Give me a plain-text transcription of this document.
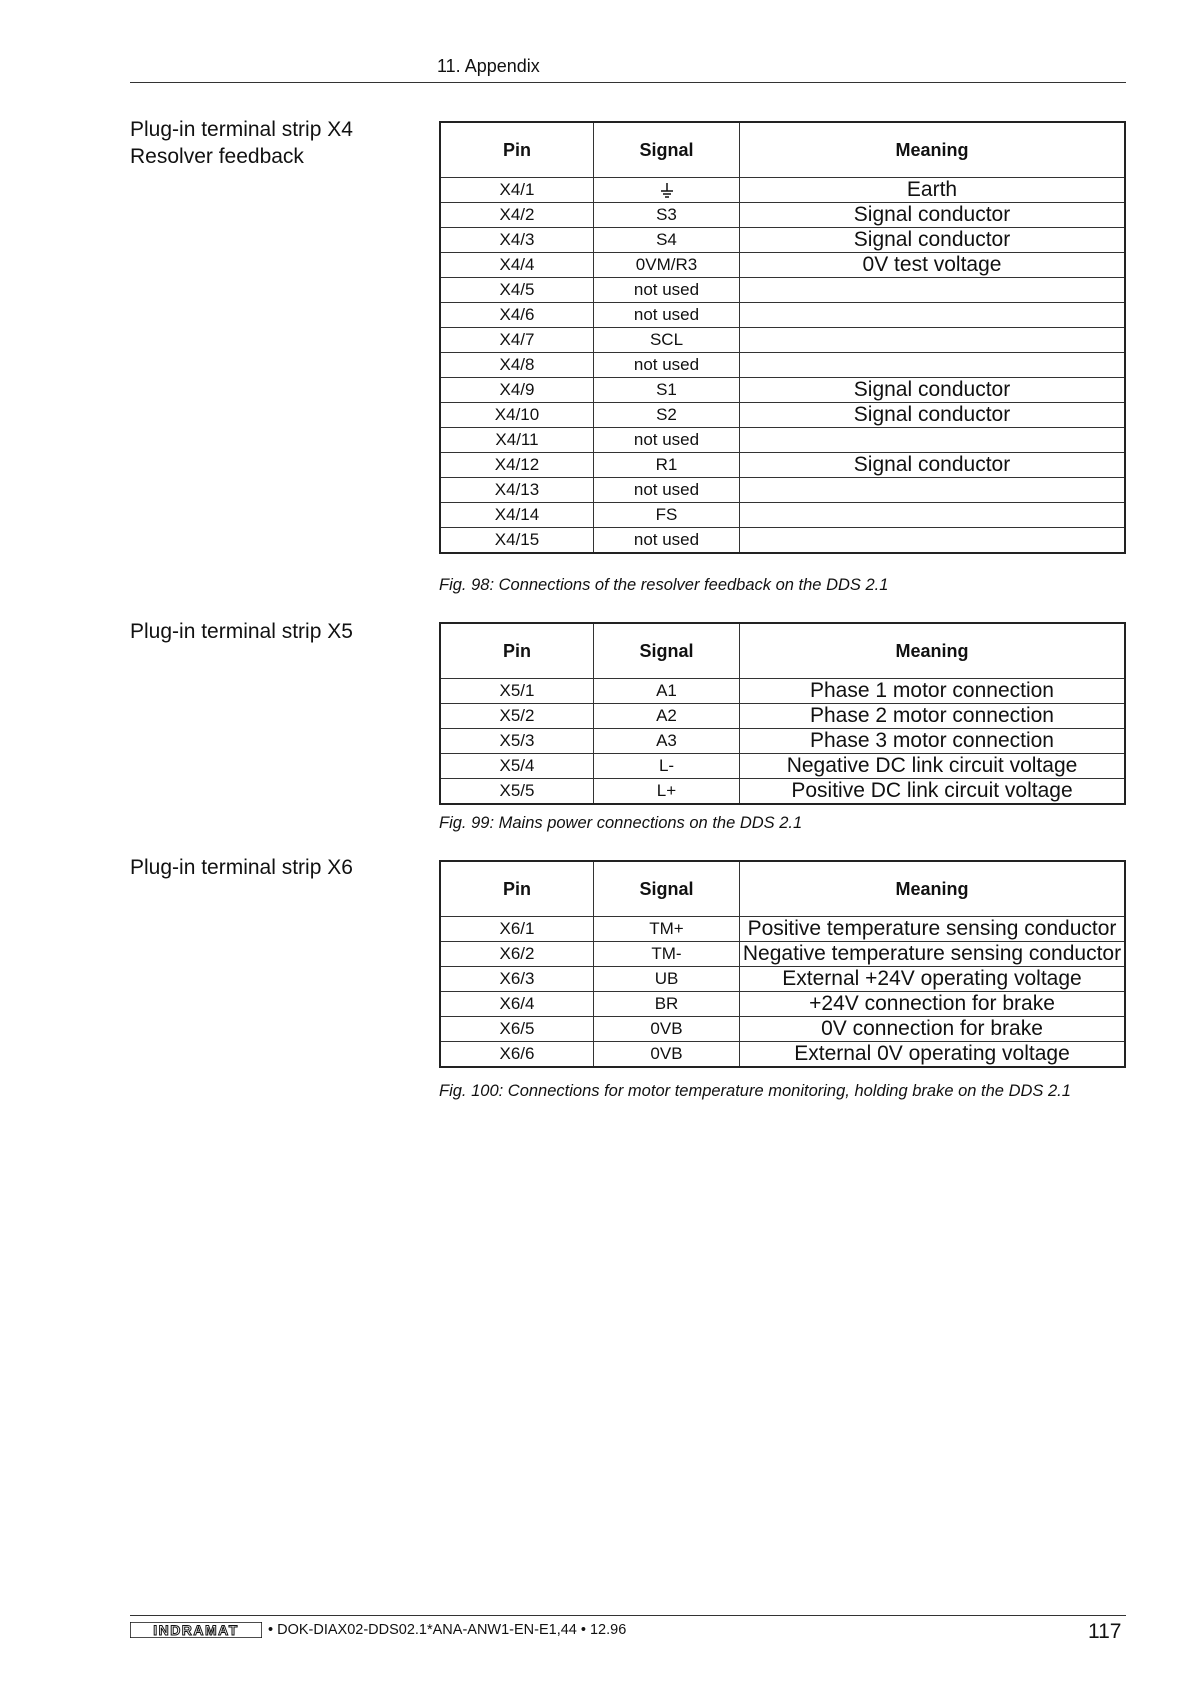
11. Appendix
Plug-in terminal strip X4
Resolver feedback	Pin	Signal	Meaning
X4/1		Earth
X4/2	S3	Signal conductor
X4/3	S4	Signal conductor
X4/4	0VM/R3	0V test voltage
X4/5	not used	
X4/6	not used	
X4/7	SCL	
X4/8	not used	
X4/9	S1	Signal conductor
X4/10	S2	Signal conductor
X4/11	not used	
X4/12	R1	Signal conductor
X4/13	not used	
X4/14	FS	
X4/15	not used	
Fig. 98: Connections of the resolver feedback on the DDS 2.1
Plug-in terminal strip X5
Pin	Signal	Meaning
X5/1	A1	Phase 1 motor connection
X5/2	A2	Phase 2 motor connection
X5/3	A3	Phase 3 motor connection
X5/4	L-	Negative DC link circuit voltage
X5/5	L+	Positive DC link circuit voltage
Fig. 99: Mains power connections on the DDS 2.1
Plug-in terminal strip X6
Pin	Signal	Meaning
X6/1	TM+	Positive temperature sensing conductor
X6/2	TM-	Negative temperature sensing conductor
X6/3	UB	External +24V operating voltage
X6/4	BR	+24V connection for brake
X6/5	0VB	0V connection for brake
X6/6	0VB	External 0V operating voltage
Fig. 100: Connections for motor temperature monitoring, holding brake on the DDS 2.1
INDRAMAT • DOK-DIAX02-DDS02.1*ANA-ANW1-EN-E1,44 • 12.96	117
